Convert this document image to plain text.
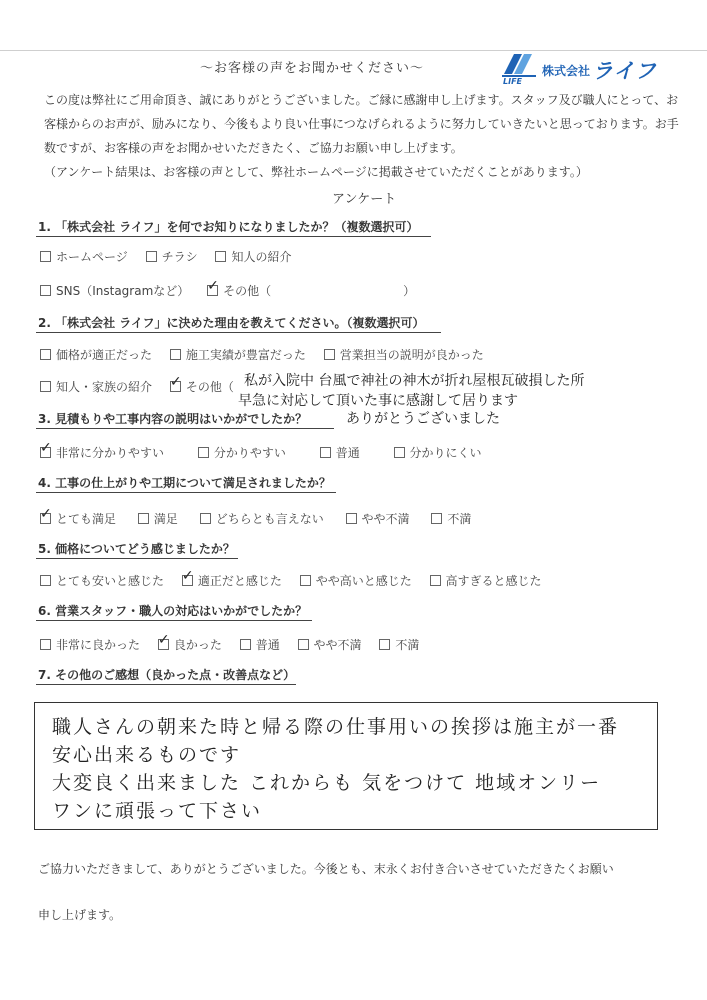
〜お客様の声をお聞かせください〜
LIFE
株式会社 ライフ

この度は弊社にご用命頂き、誠にありがとうございました。ご縁に感謝申し上げます。スタッフ及び職人にとって、お客様からのお声が、励みになり、今後もより良い仕事につなげられるように努力していきたいと思っております。お手数ですが、お客様の声をお聞かせいただきたく、ご協力お願い申し上げます。

（アンケート結果は、お客様の声として、弊社ホームページに掲載させていただくことがあります。）

アンケート
1. 「株式会社 ライフ」を何でお知りになりましたか？（複数選択可）
ホームページ	チラシ	知人の紹介
SNS（Instagramなど） ✓ その他（　　　　　　　　　　　）
2. 「株式会社 ライフ」に決めた理由を教えてください。（複数選択可）
価格が適正だった	施工実績が豊富だった	営業担当の説明が良かった
知人・家族の紹介 ✓ その他（ 私が入院中 台風で神社の神木が折れ屋根瓦破損した所
早急に対応して頂いた事に感謝して居ります
ありがとうございました
3. 見積もりや工事内容の説明はいかがでしたか？
✓ 非常に分かりやすい	分かりやすい	普通	分かりにくい
4. 工事の仕上がりや工期について満足されましたか？
✓ とても満足	満足	どちらとも言えない	やや不満	不満
5. 価格についてどう感じましたか？
とても安いと感じた ✓ 適正だと感じた	やや高いと感じた	高すぎると感じた
6. 営業スタッフ・職人の対応はいかがでしたか？
非常に良かった ✓ 良かった	普通	やや不満	不満
7. その他のご感想（良かった点・改善点など）
職人さんの朝来た時と帰る際の仕事用いの挨拶は施主が一番
安心出来るものです
大変良く出来ました これからも 気をつけて 地域オンリー
ワンに頑張って下さい
ご協力いただきまして、ありがとうございました。今後とも、末永くお付き合いさせていただきたくお願い
申し上げます。
